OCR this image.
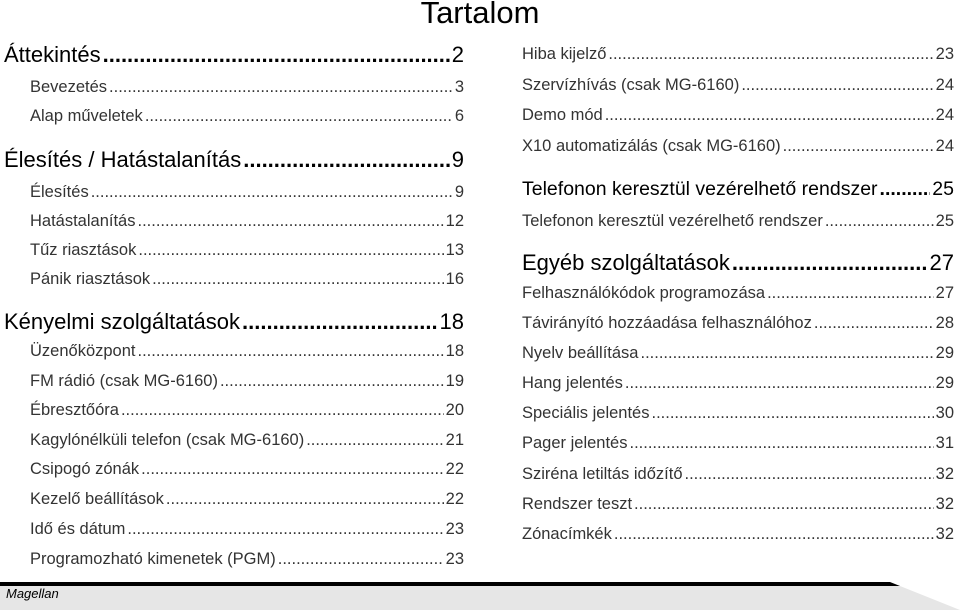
Tartalom
Áttekintés .....	2
Bevezetés .....	3
Alap műveletek .....	6
Élesítés / Hatástalanítás .....	9
Élesítés .....	9
Hatástalanítás .....	12
Tűz riasztások .....	13
Pánik riasztások .....	16
Kényelmi szolgáltatások .....	18
Üzenőközpont .....	18
FM rádió (csak MG-6160) .....	19
Ébresztőóra .....	20
Kagylónélküli telefon (csak MG-6160) .....	21
Csipogó zónák .....	22
Kezelő beállítások .....	22
Idő és dátum .....	23
Programozható kimenetek (PGM) .....	23
Hiba kijelző .....	23
Szervízhívás (csak MG-6160) .....	24
Demo mód .....	24
X10 automatizálás (csak MG-6160) .....	24
Telefonon keresztül vezérelhető rendszer .....	25
Telefonon keresztül vezérelhető rendszer .....	25
Egyéb szolgáltatások .....	27
Felhasználókódok programozása .....	27
Távirányító hozzáadása felhasználóhoz .....	28
Nyelv beállítása .....	29
Hang jelentés .....	29
Speciális jelentés .....	30
Pager jelentés .....	31
Sziréna letiltás időzítő .....	32
Rendszer teszt .....	32
Zónacímkék .....	32
Magellan	1
